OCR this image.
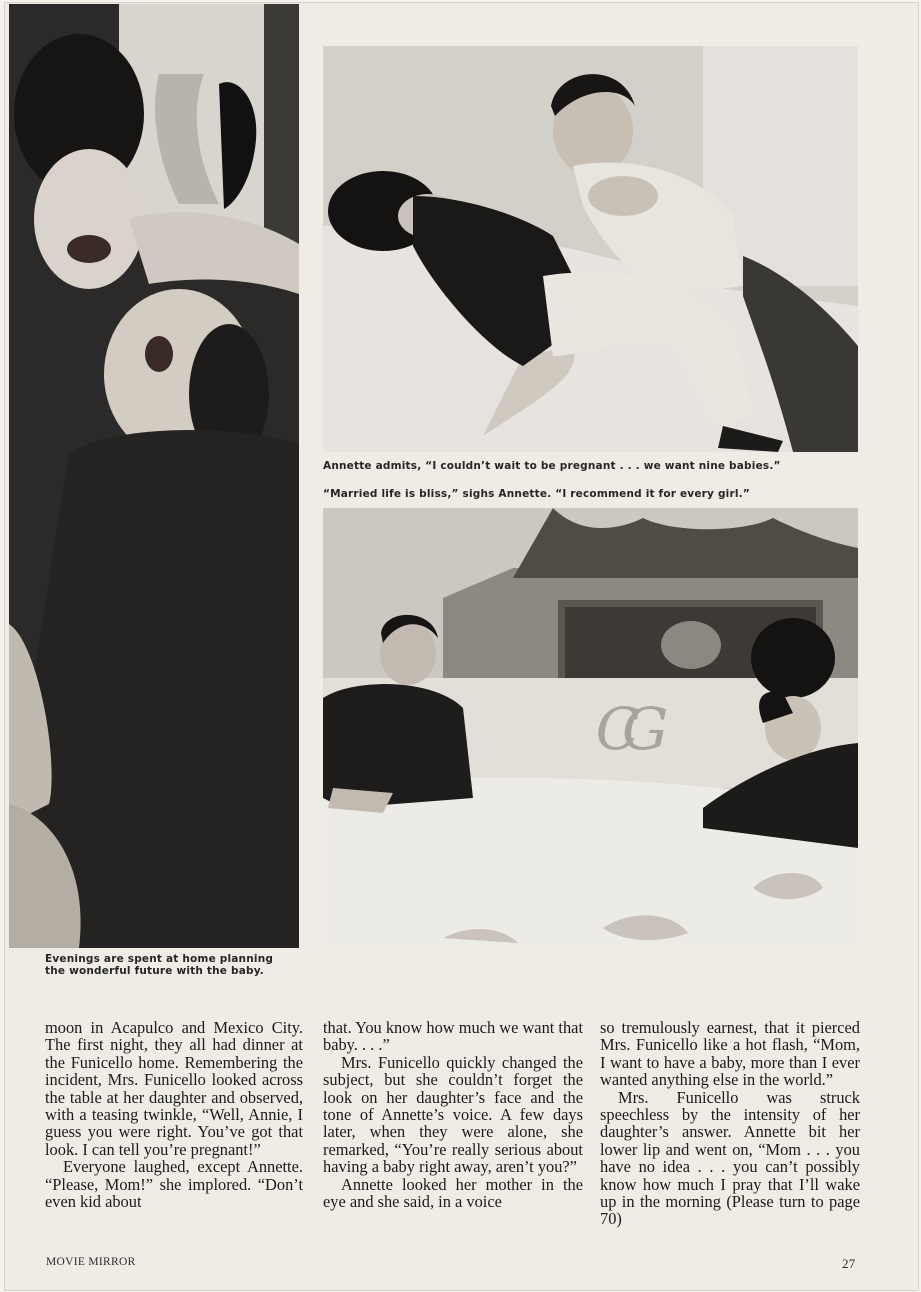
Evenings are spent at home planning the wonderful future with the baby.
Annette admits, “I couldn’t wait to be pregnant . . . we want nine babies.”
“Married life is bliss,” sighs Annette. “I recommend it for every girl.”
CG

moon in Acapulco and Mexico City. The first night, they all had dinner at the Funicello home. Remembering the incident, Mrs. Funicello looked across the table at her daughter and observed, with a teasing twinkle, “Well, Annie, I guess you were right. You’ve got that look. I can tell you’re pregnant!”

Everyone laughed, except Annette. “Please, Mom!” she implored. “Don’t even kid about

that. You know how much we want that baby. . . .”

Mrs. Funicello quickly changed the subject, but she couldn’t forget the look on her daughter’s face and the tone of Annette’s voice. A few days later, when they were alone, she remarked, “You’re really serious about having a baby right away, aren’t you?”

Annette looked her mother in the eye and she said, in a voice

so tremulously earnest, that it pierced Mrs. Funicello like a hot flash, “Mom, I want to have a baby, more than I ever wanted anything else in the world.”

Mrs. Funicello was struck speechless by the intensity of her daughter’s answer. Annette bit her lower lip and went on, “Mom . . . you have no idea . . . you can’t possibly know how much I pray that I’ll wake up in the morning (Please turn to page 70)

MOVIE MIRROR	27
